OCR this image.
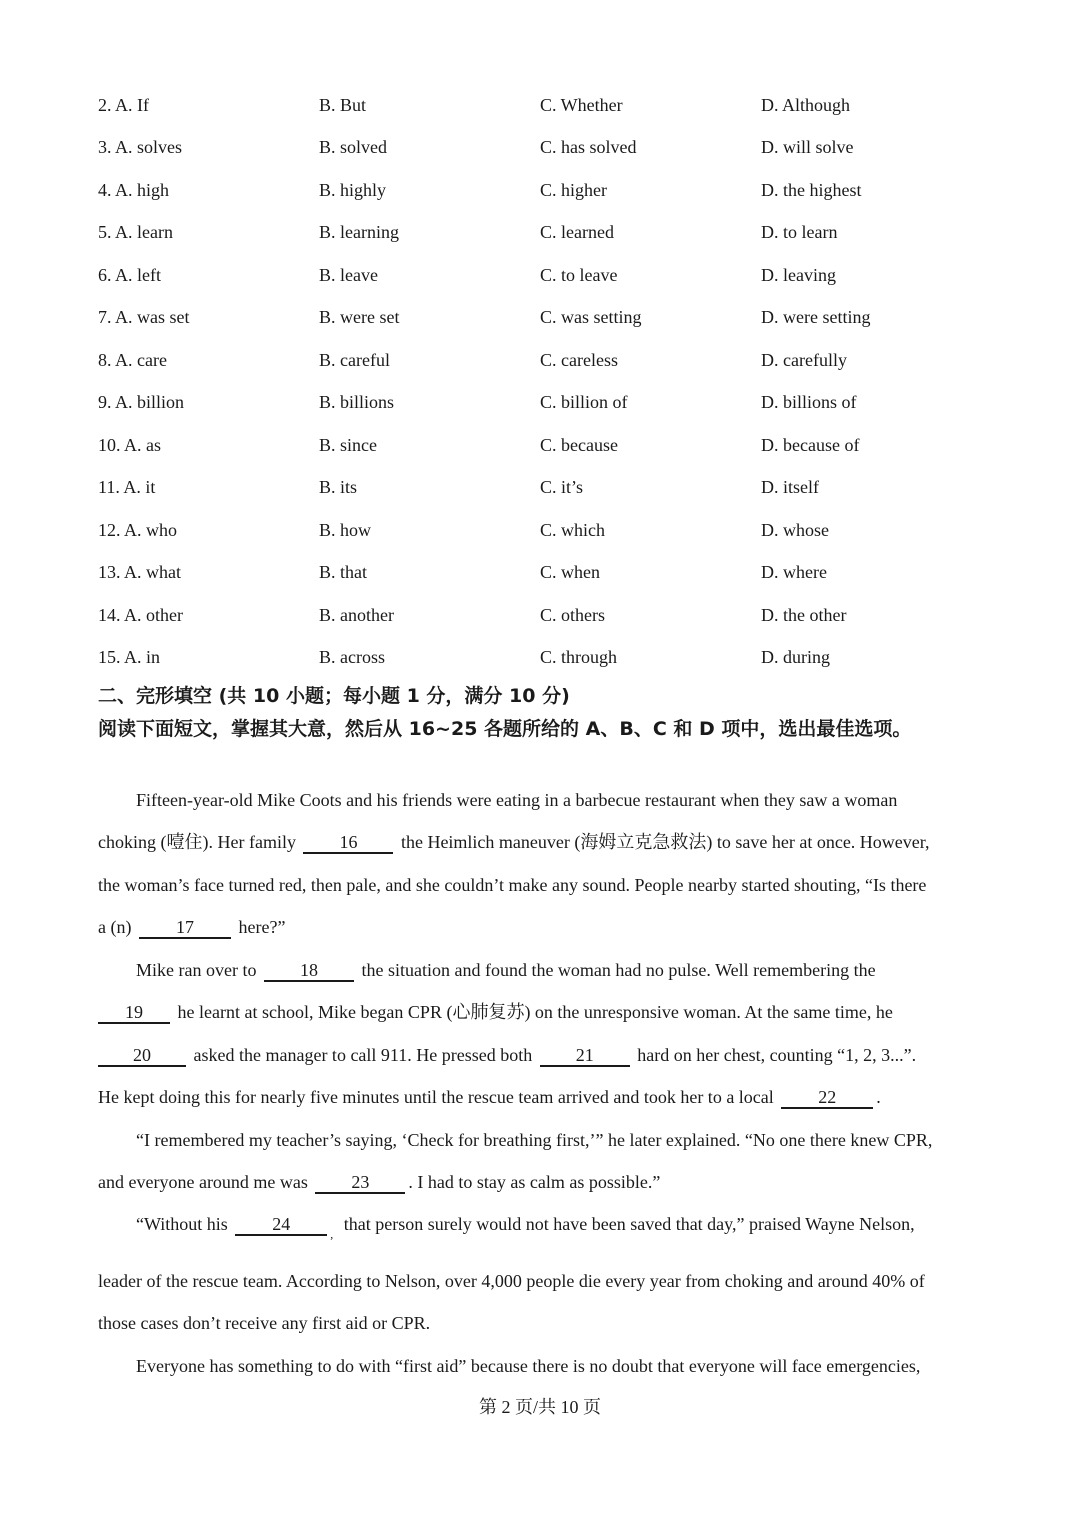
2. A. If	B. But	C. Whether	D. Although
3. A. solves	B. solved	C. has solved	D. will solve
4. A. high	B. highly	C. higher	D. the highest
5. A. learn	B. learning	C. learned	D. to learn
6. A. left	B. leave	C. to leave	D. leaving
7. A. was set	B. were set	C. was setting	D. were setting
8. A. care	B. careful	C. careless	D. carefully
9. A. billion	B. billions	C. billion of	D. billions of
10. A. as	B. since	C. because	D. because of
11. A. it	B. its	C. it’s	D. itself
12. A. who	B. how	C. which	D. whose
13. A. what	B. that	C. when	D. where
14. A. other	B. another	C. others	D. the other
15. A. in	B. across	C. through	D. during
二、完形填空 (共 10 小题；每小题 1 分，满分 10 分)
阅读下面短文，掌握其大意，然后从 16~25 各题所给的 A、B、C 和 D 项中，选出最佳选项。
Fifteen-year-old Mike Coots and his friends were eating in a barbecue restaurant when they saw a woman
choking (噎住). Her family 16 the Heimlich maneuver (海姆立克急救法) to save her at once. However,
the woman’s face turned red, then pale, and she couldn’t make any sound. People nearby started shouting, “Is there
a (n) 17 here?”
Mike ran over to 18 the situation and found the woman had no pulse. Well remembering the
19 he learnt at school, Mike began CPR (心肺复苏) on the unresponsive woman. At the same time, he
20 asked the manager to call 911. He pressed both 21 hard on her chest, counting “1, 2, 3...”.
He kept doing this for nearly five minutes until the rescue team arrived and took her to a local 22 .
“I remembered my teacher’s saying, ‘Check for breathing first,’” he later explained. “No one there knew CPR,
and everyone around me was 23 . I had to stay as calm as possible.”
“Without his 24	$_,$ that person surely would not have been saved that day,” praised Wayne Nelson,
leader of the rescue team. According to Nelson, over 4,000 people die every year from choking and around 40% of
those cases don’t receive any first aid or CPR.
Everyone has something to do with “first aid” because there is no doubt that everyone will face emergencies,
第 2 页/共 10 页
